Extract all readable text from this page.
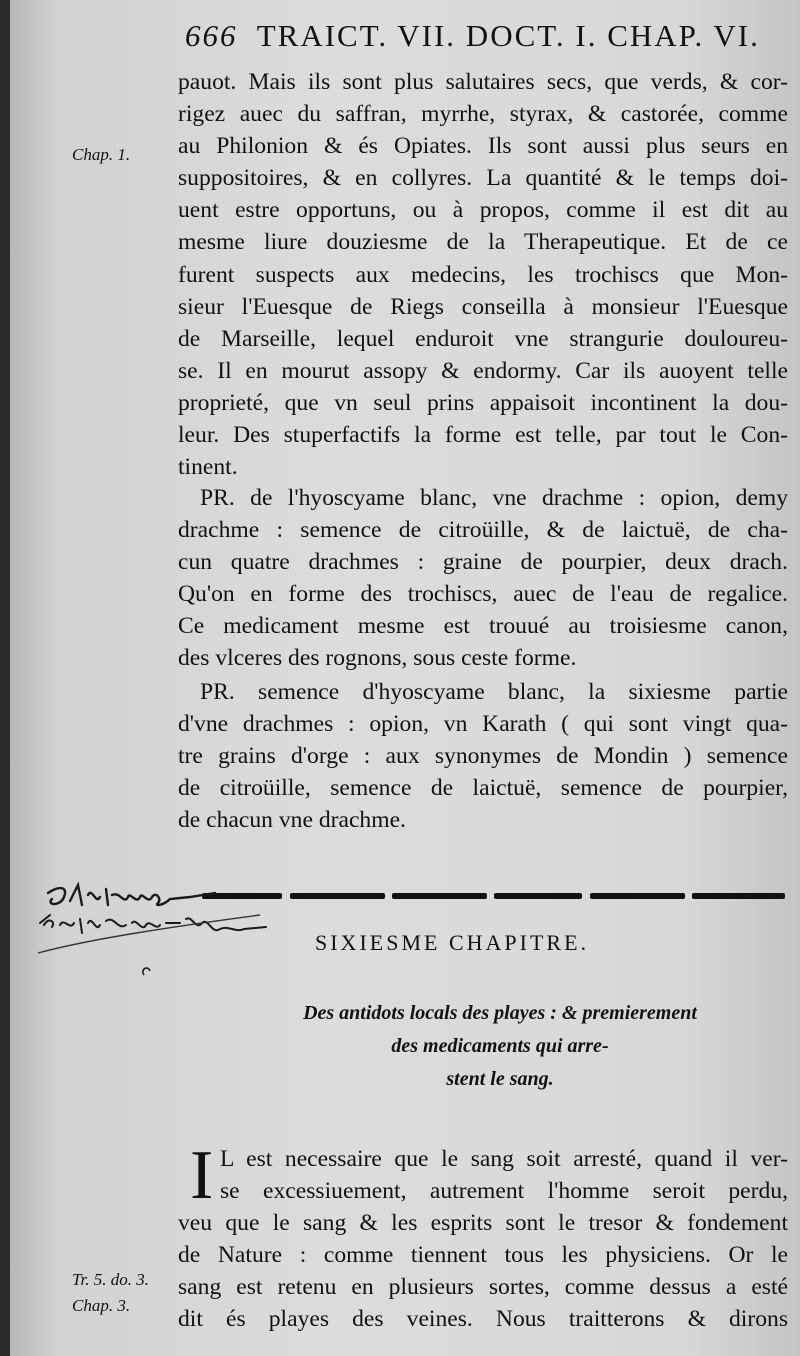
666 TRAICT. VII. DOCT. I. CHAP. VI.
Chap. 1.
pauot. Mais ils sont plus salutaires secs, que verds, & cor-
rigez auec du saffran, myrrhe, styrax, & castorée, comme
au Philonion & és Opiates. Ils sont aussi plus seurs en
suppositoires, & en collyres. La quantité & le temps doi-
uent estre opportuns, ou à propos, comme il est dit au
mesme liure douziesme de la Therapeutique. Et de ce
furent suspects aux medecins, les trochiscs que Mon-
sieur l'Euesque de Riegs conseilla à monsieur l'Euesque
de Marseille, lequel enduroit vne strangurie douloureu-
se. Il en mourut assopy & endormy. Car ils auoyent telle
proprieté, que vn seul prins appaisoit incontinent la dou-
leur. Des stuperfactifs la forme est telle, par tout le Con-
tinent.
PR. de l'hyoscyame blanc, vne drachme : opion, demy
drachme : semence de citroüille, & de laictuë, de cha-
cun quatre drachmes : graine de pourpier, deux drach.
Qu'on en forme des trochiscs, auec de l'eau de regalice.
Ce medicament mesme est trouué au troisiesme canon,
des vlceres des rognons, sous ceste forme.
PR. semence d'hyoscyame blanc, la sixiesme partie
d'vne drachmes : opion, vn Karath ( qui sont vingt qua-
tre grains d'orge : aux synonymes de Mondin ) semence
de citroüille, semence de laictuë, semence de pourpier,
de chacun vne drachme.
SIXIESME CHAPITRE.
Des antidots locals des playes : & premierement
des medicaments qui arre-
stent le sang.
I L est necessaire que le sang soit arresté, quand il ver-
se excessiuement, autrement l'homme seroit perdu,
veu que le sang & les esprits sont le tresor & fondement
de Nature : comme tiennent tous les physiciens. Or le
sang est retenu en plusieurs sortes, comme dessus a esté
dit és playes des veines. Nous traitterons & dirons
Tr. 5. do. 3.
Chap. 3.
